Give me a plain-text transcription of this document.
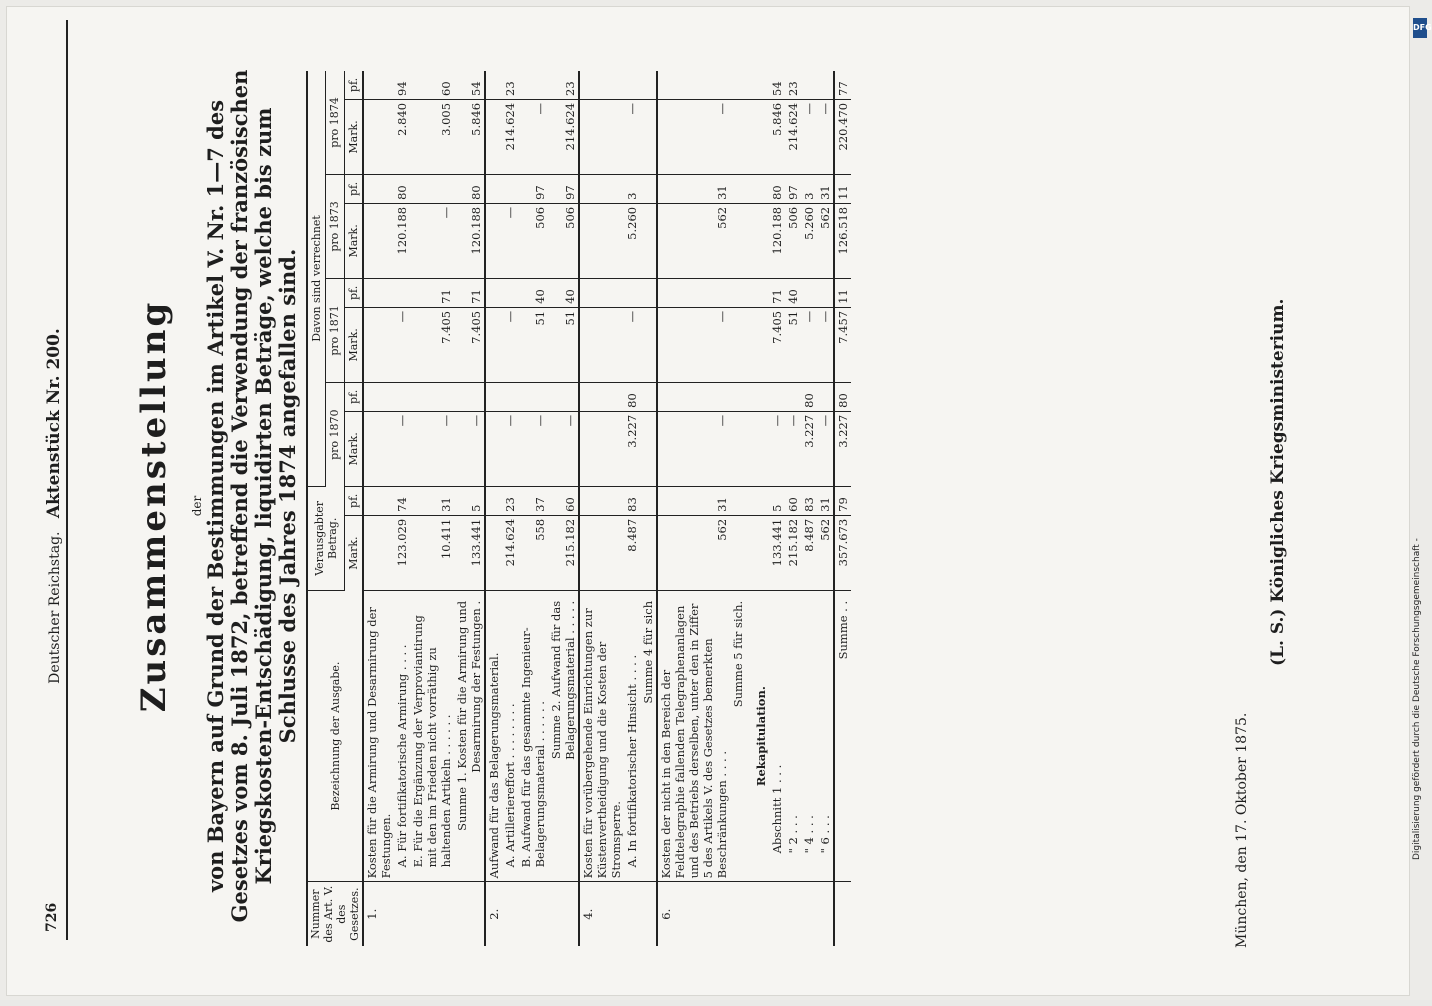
726
Deutscher Reichstag.   Aktenstück Nr. 200. Zusammenstellung der von Bayern auf Grund der Bestimmungen im Artikel V. Nr. 1—7 des Gesetzes vom 8. Juli 1872, betreffend die Verwendung der französischen Kriegskosten-Entschädigung, liquidirten Beträge, welche bis zum Schlusse des Jahres 1874 angefallen sind.
Nummer des Art. V. des Gesetzes.	Bezeichnung der Ausgabe.	Verausgabter Betrag.		Davon sind verrechnet							
				pro 1870		pro 1871		pro 1873		pro 1874	
		Mark.	pf.	Mark.	pf.	Mark.	pf.	Mark.	pf.	Mark.	pf.
1.	Kosten für die Armirung und Desarmirung der Festungen.										
	A. Für fortifikatorische Armirung . . . .	123.029	74	—		—		120.188	80	2.840	94
	E. Für die Ergänzung der Verproviantirung mit den im Frieden nicht vorräthig zu haltenden Artikeln . . . . . .	10.411	31	—		7.405	71	—		3.005	60
	Summe 1. Kosten für die Armirung und Desarmirung der Festungen .	133.441	5	—		7.405	71	120.188	80	5.846	54
2.	Aufwand für das Belagerungsmaterial.										
	A. Artilleriereffort . . . . . . . .	214.624	23	—		—		—		214.624	23
	B. Aufwand für das gesammte Ingenieur-Belagerungsmaterial . . . . . .	558	37	—		51	40	506	97	—	
	Summe 2. Aufwand für das Belagerungsmaterial . . . . .	215.182	60	—		51	40	506	97	214.624	23
4.	Kosten für vorübergehende Einrichtungen zur Küstenvertheidigung und die Kosten der Stromsperre.										
	A. In fortifikatorischer Hinsicht . . . .	8.487	83	3.227	80	—		5.260	3	—	
	Summe 4 für sich										
6.	Kosten der nicht in den Bereich der Feldtelegraphie fallenden Telegraphenanlagen und des Betriebs derselben, unter den in Ziffer 5 des Artikels V. des Gesetzes bemerkten Beschränkungen . . . .	562	31	—		—		562	31	—	
	Summe 5 für sich.										
	Rekapitulation.										
	Abschnitt 1 . . .	133.441	5	—		7.405	71	120.188	80	5.846	54
	" 2 . . .	215.182	60	—		51	40	506	97	214.624	23
	" 4 . . .	8.487	83	3.227	80	—		5.260	3	—	
	" 6 . . .	562	31	—		—		562	31	—	
	Summe . .	357.673	79	3.227	80	7.457	11	126.518	11	220.470	77
München, den 17. Oktober 1875.
(L. S.) Königliches Kriegsministerium.
DFG
Digitalisierung gefördert durch die Deutsche Forschungsgemeinschaft -
